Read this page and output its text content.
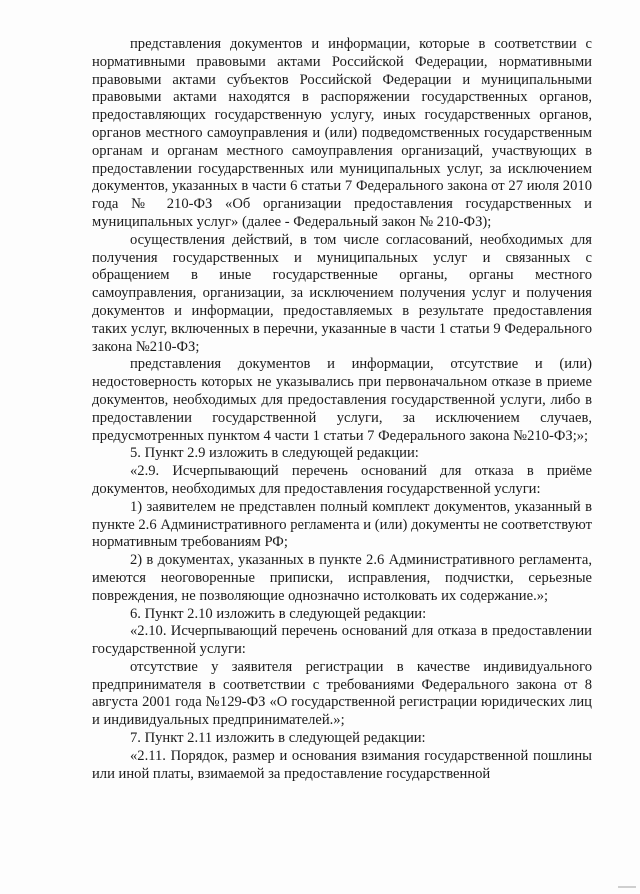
представления документов и информации, которые в соответствии с нормативными правовыми актами Российской Федерации, нормативными правовыми актами субъектов Российской Федерации и муниципальными правовыми актами находятся в распоряжении государственных органов, предоставляющих государственную услугу, иных государственных органов, органов местного самоуправления и (или) подведомственных государственным органам и органам местного самоуправления организаций, участвующих в предоставлении государственных или муниципальных услуг, за исключением документов, указанных в части 6 статьи 7 Федерального закона от 27 июля 2010 года № 210-ФЗ «Об организации предоставления государственных и муниципальных услуг» (далее - Федеральный закон № 210-ФЗ);

осуществления действий, в том числе согласований, необходимых для получения государственных и муниципальных услуг и связанных с обращением в иные государственные органы, органы местного самоуправления, организации, за исключением получения услуг и получения документов и информации, предоставляемых в результате предоставления таких услуг, включенных в перечни, указанные в части 1 статьи 9 Федерального закона №210-ФЗ;

представления документов и информации, отсутствие и (или) недостоверность которых не указывались при первоначальном отказе в приеме документов, необходимых для предоставления государственной услуги, либо в предоставлении государственной услуги, за исключением случаев, предусмотренных пунктом 4 части 1 статьи 7 Федерального закона №210-ФЗ;»;

5. Пункт 2.9 изложить в следующей редакции:

«2.9. Исчерпывающий перечень оснований для отказа в приёме документов, необходимых для предоставления государственной услуги:

1) заявителем не представлен полный комплект документов, указанный в пункте 2.6 Административного регламента и (или) документы не соответствуют нормативным требованиям РФ;

2) в документах, указанных в пункте 2.6 Административного регламента, имеются неоговоренные приписки, исправления, подчистки, серьезные повреждения, не позволяющие однозначно истолковать их содержание.»;

6. Пункт 2.10 изложить в следующей редакции:

«2.10. Исчерпывающий перечень оснований для отказа в предоставлении государственной услуги:

отсутствие у заявителя регистрации в качестве индивидуального предпринимателя в соответствии с требованиями Федерального закона от 8 августа 2001 года №129-ФЗ «О государственной регистрации юридических лиц и индивидуальных предпринимателей.»;

7. Пункт 2.11 изложить в следующей редакции:

«2.11. Порядок, размер и основания взимания государственной пошлины или иной платы, взимаемой за предоставление государственной
